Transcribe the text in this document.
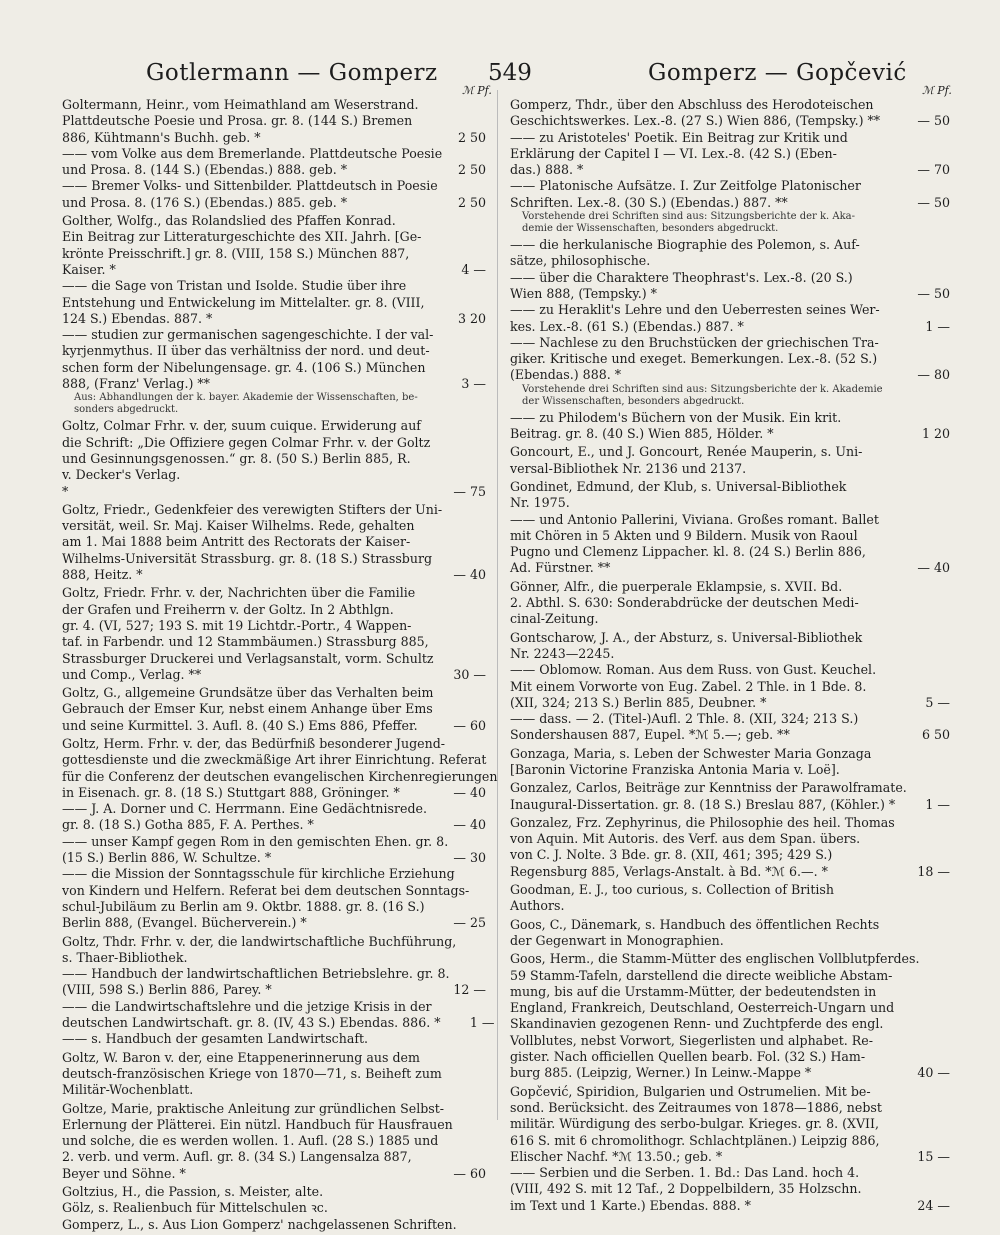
Gotlermann — Gomperz 549	Gomperz — Gopčević
ℳ Pf.	ℳ Pf.
Goltermann, Heinr., vom Heimathland am Weserstrand.
Plattdeutsche Poesie und Prosa. gr. 8. (144 S.) Bremen
886, Kühtmann's Buchh. geb. *	2 50
—— vom Volke aus dem Bremerlande. Plattdeutsche Poesie
und Prosa. 8. (144 S.) (Ebendas.) 888. geb. *	2 50
—— Bremer Volks- und Sittenbilder. Plattdeutsch in Poesie
und Prosa. 8. (176 S.) (Ebendas.) 885. geb. *	2 50
Golther, Wolfg., das Rolandslied des Pfaffen Konrad.
Ein Beitrag zur Litteraturgeschichte des XII. Jahrh. [Ge-
krönte Preisschrift.] gr. 8. (VIII, 158 S.) München 887,
Kaiser. *	4 —
—— die Sage von Tristan und Isolde. Studie über ihre
Entstehung und Entwickelung im Mittelalter. gr. 8. (VIII,
124 S.) Ebendas. 887. *	3 20
—— studien zur germanischen sagengeschichte. I der val-
kyrjenmythus. II über das verhältniss der nord. und deut-
schen form der Nibelungensage. gr. 4. (106 S.) München
888, (Franz' Verlag.) **	3 —
Aus: Abhandlungen der k. bayer. Akademie der Wissenschaften, be-
sonders abgedruckt.
Goltz, Colmar Frhr. v. der, suum cuique. Erwiderung auf
die Schrift: „Die Offiziere gegen Colmar Frhr. v. der Goltz
und Gesinnungsgenossen.“ gr. 8. (50 S.) Berlin 885, R.
v. Decker's Verlag.
*	— 75
Goltz, Friedr., Gedenkfeier des verewigten Stifters der Uni-
versität, weil. Sr. Maj. Kaiser Wilhelms. Rede, gehalten
am 1. Mai 1888 beim Antritt des Rectorats der Kaiser-
Wilhelms-Universität Strassburg. gr. 8. (18 S.) Strassburg
888, Heitz. *	— 40
Goltz, Friedr. Frhr. v. der, Nachrichten über die Familie
der Grafen und Freiherrn v. der Goltz. In 2 Abthlgn.
gr. 4. (VI, 527; 193 S. mit 19 Lichtdr.-Portr., 4 Wappen-
taf. in Farbendr. und 12 Stammbäumen.) Strassburg 885,
Strassburger Druckerei und Verlagsanstalt, vorm. Schultz
und Comp., Verlag. **	30 —
Goltz, G., allgemeine Grundsätze über das Verhalten beim
Gebrauch der Emser Kur, nebst einem Anhange über Ems
und seine Kurmittel. 3. Aufl. 8. (40 S.) Ems 886, Pfeffer.	— 60
Goltz, Herm. Frhr. v. der, das Bedürfniß besonderer Jugend-
gottesdienste und die zweckmäßige Art ihrer Einrichtung. Referat
für die Conferenz der deutschen evangelischen Kirchenregierungen
in Eisenach. gr. 8. (18 S.) Stuttgart 888, Gröninger. *	— 40
—— J. A. Dorner und C. Herrmann. Eine Gedächtnisrede.
gr. 8. (18 S.) Gotha 885, F. A. Perthes. *	— 40
—— unser Kampf gegen Rom in den gemischten Ehen. gr. 8.
(15 S.) Berlin 886, W. Schultze. *	— 30
—— die Mission der Sonntagsschule für kirchliche Erziehung
von Kindern und Helfern. Referat bei dem deutschen Sonntags-
schul-Jubiläum zu Berlin am 9. Oktbr. 1888. gr. 8. (16 S.)
Berlin 888, (Evangel. Bücherverein.) *	— 25
Goltz, Thdr. Frhr. v. der, die landwirtschaftliche Buchführung,
s. Thaer-Bibliothek.
—— Handbuch der landwirtschaftlichen Betriebslehre. gr. 8.
(VIII, 598 S.) Berlin 886, Parey. *	12 —
—— die Landwirtschaftslehre und die jetzige Krisis in der
deutschen Landwirtschaft. gr. 8. (IV, 43 S.) Ebendas. 886. *	1 —
—— s. Handbuch der gesamten Landwirtschaft.
Goltz, W. Baron v. der, eine Etappenerinnerung aus dem
deutsch-französischen Kriege von 1870—71, s. Beiheft zum
Militär-Wochenblatt.
Goltze, Marie, praktische Anleitung zur gründlichen Selbst-
Erlernung der Plätterei. Ein nützl. Handbuch für Hausfrauen
und solche, die es werden wollen. 1. Aufl. (28 S.) 1885 und
2. verb. und verm. Aufl. gr. 8. (34 S.) Langensalza 887,
Beyer und Söhne. *	— 60
Goltzius, H., die Passion, s. Meister, alte.
Gölz, s. Realienbuch für Mittelschulen ꝛc.
Gomperz, L., s. Aus Lion Gomperz' nachgelassenen Schriften.
Gomperz, Thdr., über den Abschluss des Herodoteischen
Geschichtswerkes. Lex.-8. (27 S.) Wien 886, (Tempsky.) **	— 50
—— zu Aristoteles' Poetik. Ein Beitrag zur Kritik und
Erklärung der Capitel I — VI. Lex.-8. (42 S.) (Eben-
das.) 888. *	— 70
—— Platonische Aufsätze. I. Zur Zeitfolge Platonischer
Schriften. Lex.-8. (30 S.) (Ebendas.) 887. **	— 50
Vorstehende drei Schriften sind aus: Sitzungsberichte der k. Aka-
demie der Wissenschaften, besonders abgedruckt.
—— die herkulanische Biographie des Polemon, s. Auf-
sätze, philosophische.
—— über die Charaktere Theophrast's. Lex.-8. (20 S.)
Wien 888, (Tempsky.) *	— 50
—— zu Heraklit's Lehre und den Ueberresten seines Wer-
kes. Lex.-8. (61 S.) (Ebendas.) 887. *	1 —
—— Nachlese zu den Bruchstücken der griechischen Tra-
giker. Kritische und exeget. Bemerkungen. Lex.-8. (52 S.)
(Ebendas.) 888. *	— 80
Vorstehende drei Schriften sind aus: Sitzungsberichte der k. Akademie
der Wissenschaften, besonders abgedruckt.
—— zu Philodem's Büchern von der Musik. Ein krit.
Beitrag. gr. 8. (40 S.) Wien 885, Hölder. *	1 20
Goncourt, E., und J. Goncourt, Renée Mauperin, s. Uni-
versal-Bibliothek Nr. 2136 und 2137.
Gondinet, Edmund, der Klub, s. Universal-Bibliothek
Nr. 1975.
—— und Antonio Pallerini, Viviana. Großes romant. Ballet
mit Chören in 5 Akten und 9 Bildern. Musik von Raoul
Pugno und Clemenz Lippacher. kl. 8. (24 S.) Berlin 886,
Ad. Fürstner. **	— 40
Gönner, Alfr., die puerperale Eklampsie, s. XVII. Bd.
2. Abthl. S. 630: Sonderabdrücke der deutschen Medi-
cinal-Zeitung.
Gontscharow, J. A., der Absturz, s. Universal-Bibliothek
Nr. 2243—2245.
—— Oblomow. Roman. Aus dem Russ. von Gust. Keuchel.
Mit einem Vorworte von Eug. Zabel. 2 Thle. in 1 Bde. 8.
(XII, 324; 213 S.) Berlin 885, Deubner. *	5 —
—— dass. — 2. (Titel-)Aufl. 2 Thle. 8. (XII, 324; 213 S.)
Sondershausen 887, Eupel. *ℳ 5.—; geb. **	6 50
Gonzaga, Maria, s. Leben der Schwester Maria Gonzaga
[Baronin Victorine Franziska Antonia Maria v. Loë].
Gonzalez, Carlos, Beiträge zur Kenntniss der Parawolframate.
Inaugural-Dissertation. gr. 8. (18 S.) Breslau 887, (Köhler.) *	1 —
Gonzalez, Frz. Zephyrinus, die Philosophie des heil. Thomas
von Aquin. Mit Autoris. des Verf. aus dem Span. übers.
von C. J. Nolte. 3 Bde. gr. 8. (XII, 461; 395; 429 S.)
Regensburg 885, Verlags-Anstalt. à Bd. *ℳ 6.—. *	18 —
Goodman, E. J., too curious, s. Collection of British
Authors.
Goos, C., Dänemark, s. Handbuch des öffentlichen Rechts
der Gegenwart in Monographien.
Goos, Herm., die Stamm-Mütter des englischen Vollblutpferdes.
59 Stamm-Tafeln, darstellend die directe weibliche Abstam-
mung, bis auf die Urstamm-Mütter, der bedeutendsten in
England, Frankreich, Deutschland, Oesterreich-Ungarn und
Skandinavien gezogenen Renn- und Zuchtpferde des engl.
Vollblutes, nebst Vorwort, Siegerlisten und alphabet. Re-
gister. Nach officiellen Quellen bearb. Fol. (32 S.) Ham-
burg 885. (Leipzig, Werner.) In Leinw.-Mappe *	40 —
Gopčević, Spiridion, Bulgarien und Ostrumelien. Mit be-
sond. Berücksicht. des Zeitraumes von 1878—1886, nebst
militär. Würdigung des serbo-bulgar. Krieges. gr. 8. (XVII,
616 S. mit 6 chromolithogr. Schlachtplänen.) Leipzig 886,
Elischer Nachf. *ℳ 13.50.; geb. *	15 —
—— Serbien und die Serben. 1. Bd.: Das Land. hoch 4.
(VIII, 492 S. mit 12 Taf., 2 Doppelbildern, 35 Holzschn.
im Text und 1 Karte.) Ebendas. 888. *	24 —
